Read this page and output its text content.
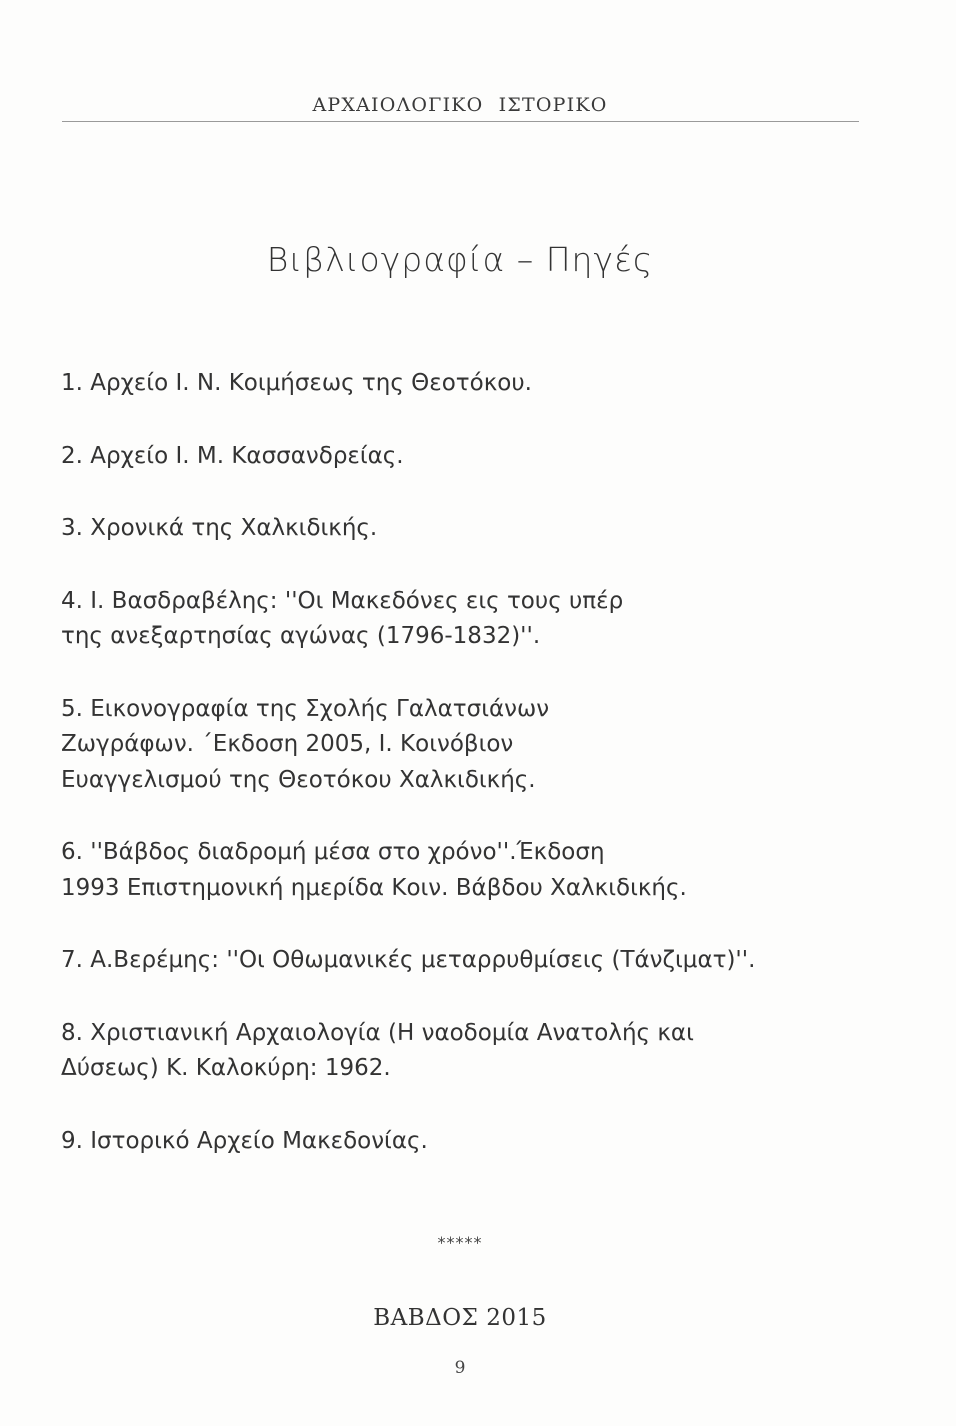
ΑΡΧΑΙΟΛΟΓΙΚΟ ΙΣΤΟΡΙΚΟ
Βιβλιογραφία – Πηγές
1. Αρχείο Ι. Ν. Κοιμήσεως της Θεοτόκου.
2. Αρχείο Ι. Μ. Κασσανδρείας.
3. Χρονικά της Χαλκιδικής.
4. Ι. Βασδραβέλης: ''Οι Μακεδόνες εις τους υπέρ
της ανεξαρτησίας αγώνας (1796-1832)''.
5. Εικονογραφία της Σχολής Γαλατσιάνων
Ζωγράφων. ΄Εκδοση 2005, Ι. Κοινόβιον
Ευαγγελισμού της Θεοτόκου Χαλκιδικής.
6. ''Βάβδος διαδρομή μέσα στο χρόνο''.Έκδοση
1993 Επιστημονική ημερίδα Κοιν. Βάβδου Χαλκιδικής.
7. Α.Βερέμης: ''Οι Οθωμανικές μεταρρυθμίσεις (Τάνζιματ)''.
8. Χριστιανική Αρχαιολογία (Η ναοδομία Ανατολής και
Δύσεως) Κ. Καλοκύρη: 1962.
9. Ιστορικό Αρχείο Μακεδονίας.
*****
ΒΑΒΔΟΣ 2015
9
